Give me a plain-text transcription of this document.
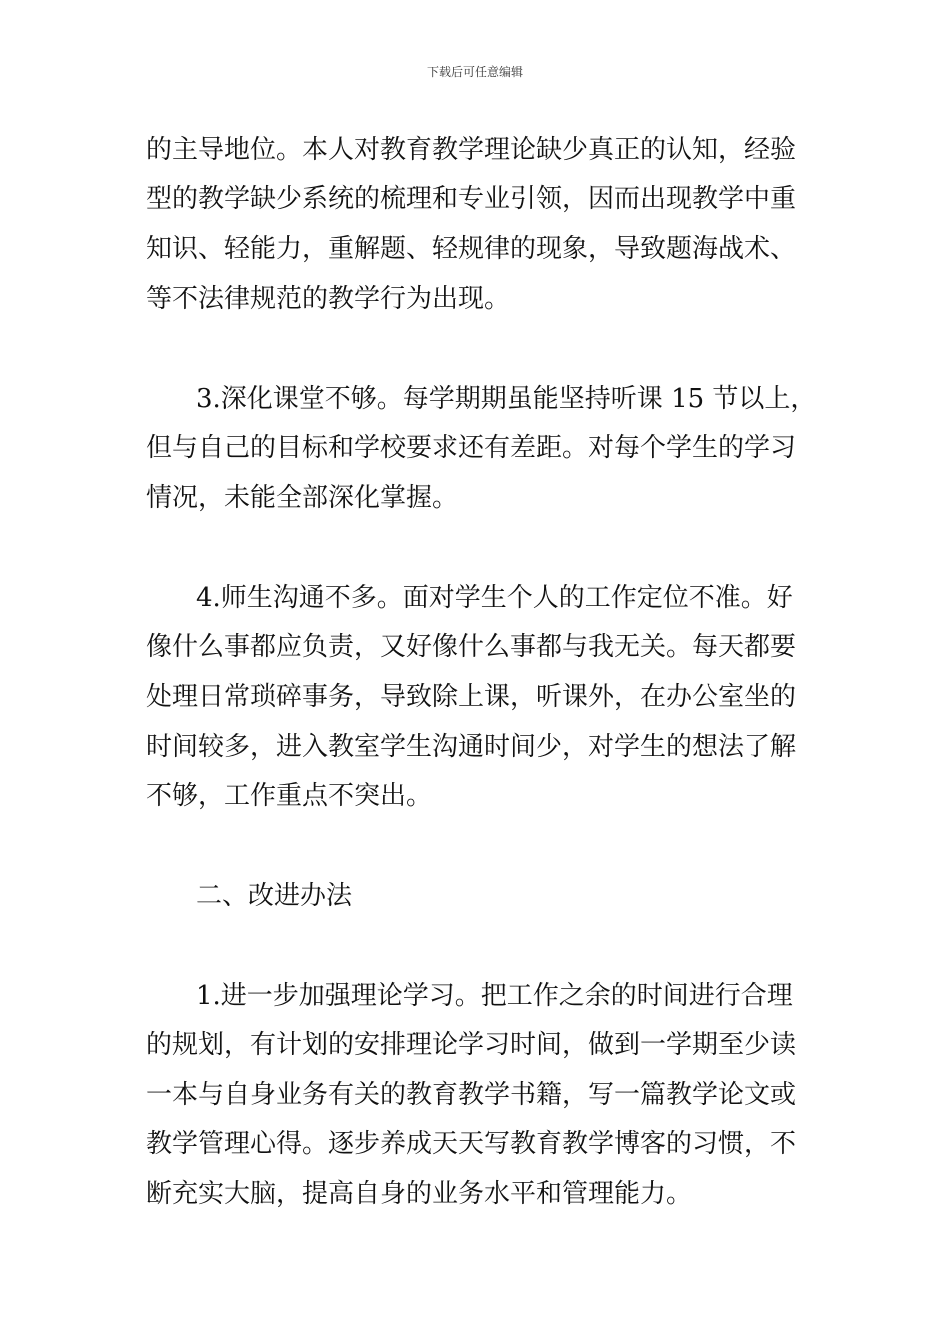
下载后可任意编辑
的主导地位。本人对教育教学理论缺少真正的认知，经验
型的教学缺少系统的梳理和专业引领，因而出现教学中重
知识、轻能力，重解题、轻规律的现象，导致题海战术、
等不法律规范的教学行为出现。
3.深化课堂不够。每学期期虽能坚持听课 15 节以上，
但与自己的目标和学校要求还有差距。对每个学生的学习
情况，未能全部深化掌握。
4.师生沟通不多。面对学生个人的工作定位不准。好
像什么事都应负责，又好像什么事都与我无关。每天都要
处理日常琐碎事务，导致除上课，听课外，在办公室坐的
时间较多，进入教室学生沟通时间少，对学生的想法了解
不够，工作重点不突出。
二、改进办法
1.进一步加强理论学习。把工作之余的时间进行合理
的规划，有计划的安排理论学习时间，做到一学期至少读
一本与自身业务有关的教育教学书籍，写一篇教学论文或
教学管理心得。逐步养成天天写教育教学博客的习惯，不
断充实大脑，提高自身的业务水平和管理能力。
